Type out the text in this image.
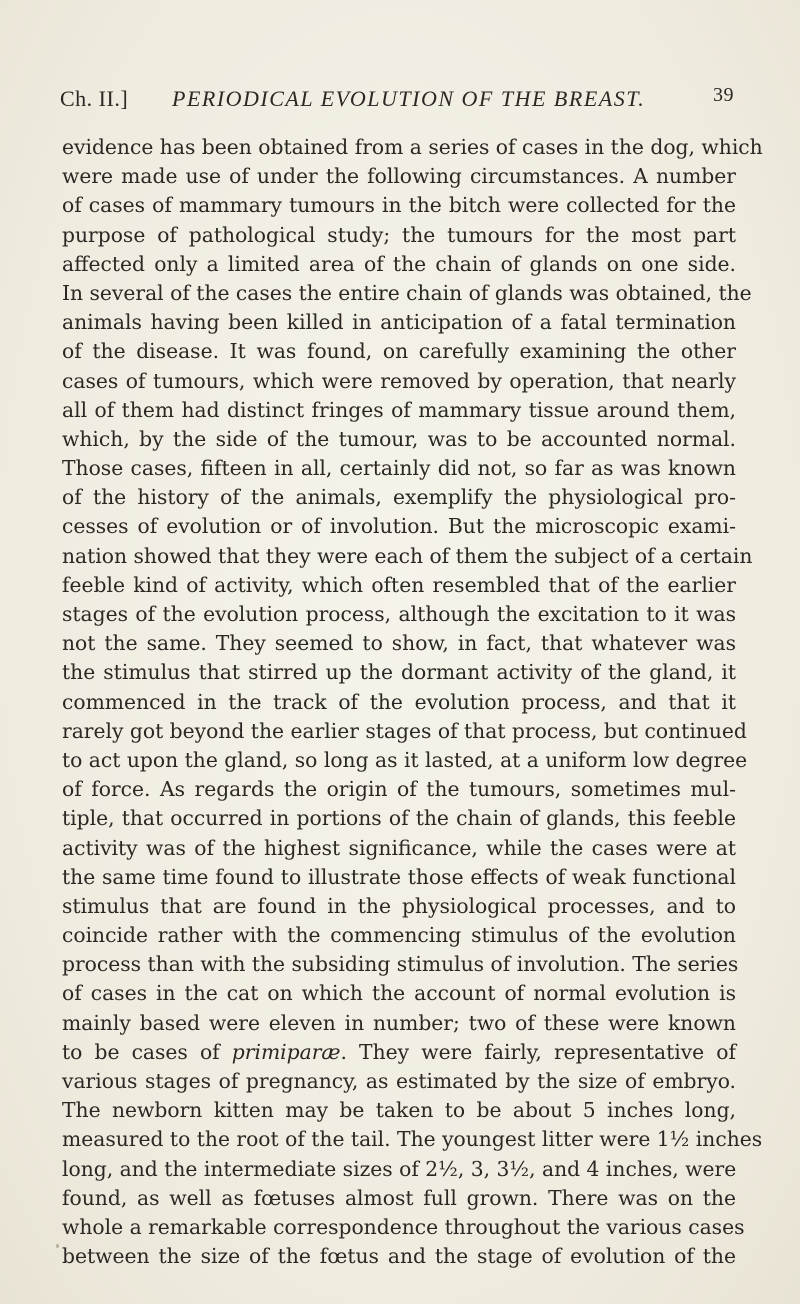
Ch. II.] PERIODICAL EVOLUTION OF THE BREAST.	39
evidence has been obtained from a series of cases in the dog, which
were made use of under the following circumstances. A number
of cases of mammary tumours in the bitch were collected for the
purpose of pathological study; the tumours for the most part
affected only a limited area of the chain of glands on one side.
In several of the cases the entire chain of glands was obtained, the
animals having been killed in anticipation of a fatal termination
of the disease. It was found, on carefully examining the other
cases of tumours, which were removed by operation, that nearly
all of them had distinct fringes of mammary tissue around them,
which, by the side of the tumour, was to be accounted normal.
Those cases, fifteen in all, certainly did not, so far as was known
of the history of the animals, exemplify the physiological pro-
cesses of evolution or of involution. But the microscopic exami-
nation showed that they were each of them the subject of a certain
feeble kind of activity, which often resembled that of the earlier
stages of the evolution process, although the excitation to it was
not the same. They seemed to show, in fact, that whatever was
the stimulus that stirred up the dormant activity of the gland, it
commenced in the track of the evolution process, and that it
rarely got beyond the earlier stages of that process, but continued
to act upon the gland, so long as it lasted, at a uniform low degree
of force. As regards the origin of the tumours, sometimes mul-
tiple, that occurred in portions of the chain of glands, this feeble
activity was of the highest significance, while the cases were at
the same time found to illustrate those effects of weak functional
stimulus that are found in the physiological processes, and to
coincide rather with the commencing stimulus of the evolution
process than with the subsiding stimulus of involution. The series
of cases in the cat on which the account of normal evolution is
mainly based were eleven in number; two of these were known
to be cases of primiparæ. They were fairly, representative of
various stages of pregnancy, as estimated by the size of embryo.
The newborn kitten may be taken to be about 5 inches long,
measured to the root of the tail. The youngest litter were 1½ inches
long, and the intermediate sizes of 2½, 3, 3½, and 4 inches, were
found, as well as fœtuses almost full grown. There was on the
whole a remarkable correspondence throughout the various cases
between the size of the fœtus and the stage of evolution of the
